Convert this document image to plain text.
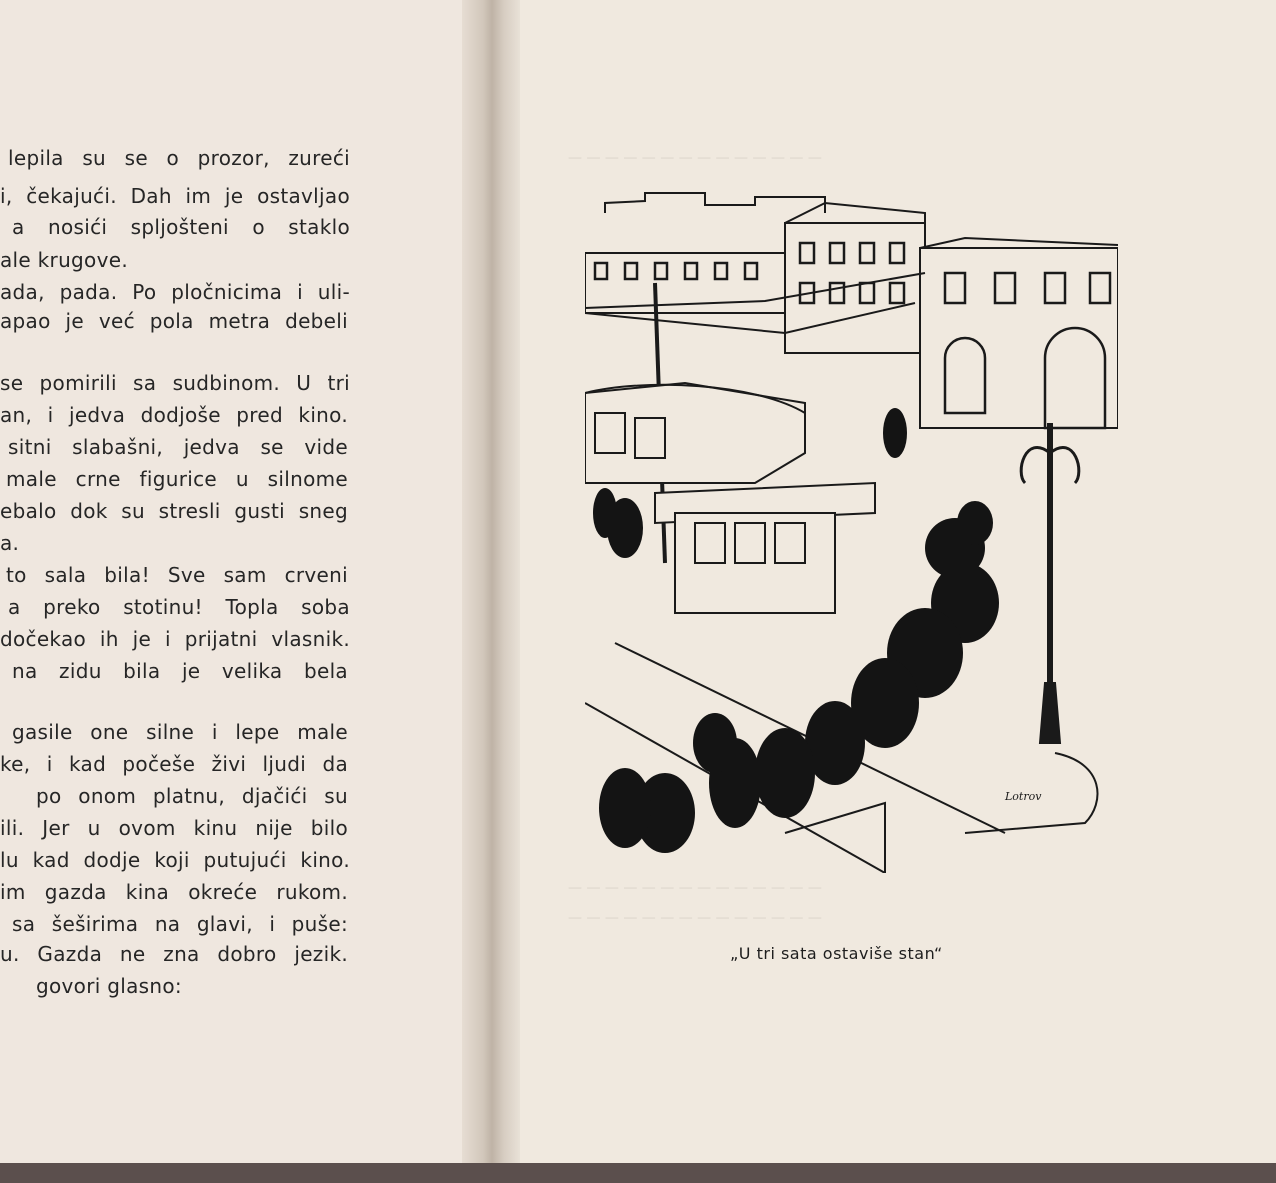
lepila su se o prozor, zureći
i, čekajući. Dah im je ostavljao
a nosići spljošteni o staklo
ale krugove.
ada, pada. Po pločnicima i uli-
apao je već pola metra debeli
se pomirili sa sudbinom. U tri
an, i jedva dodjoše pred kino.
sitni slabašni, jedva se vide
male crne figurice u silnome
ebalo dok su stresli gusti sneg
a.
to sala bila! Sve sam crveni
a preko stotinu! Topla soba
dočekao ih je i prijatni vlasnik.
na zidu bila je velika bela
gasile one silne i lepe male
ke, i kad počeše živi ljudi da
po onom platnu, djačići su
ili. Jer u ovom kinu nije bilo
lu kad dodje koji putujući kino.
im gazda kina okreće rukom.
sa šeširima na glavi, i puše:
u. Gazda ne zna dobro jezik.
govori glasno:
— — — — — — — — — — — — — —
— — — — — — — — — — — — — —
— — — — — — — — — — — — — —
Lotrov
„U tri sata ostaviše stan“
